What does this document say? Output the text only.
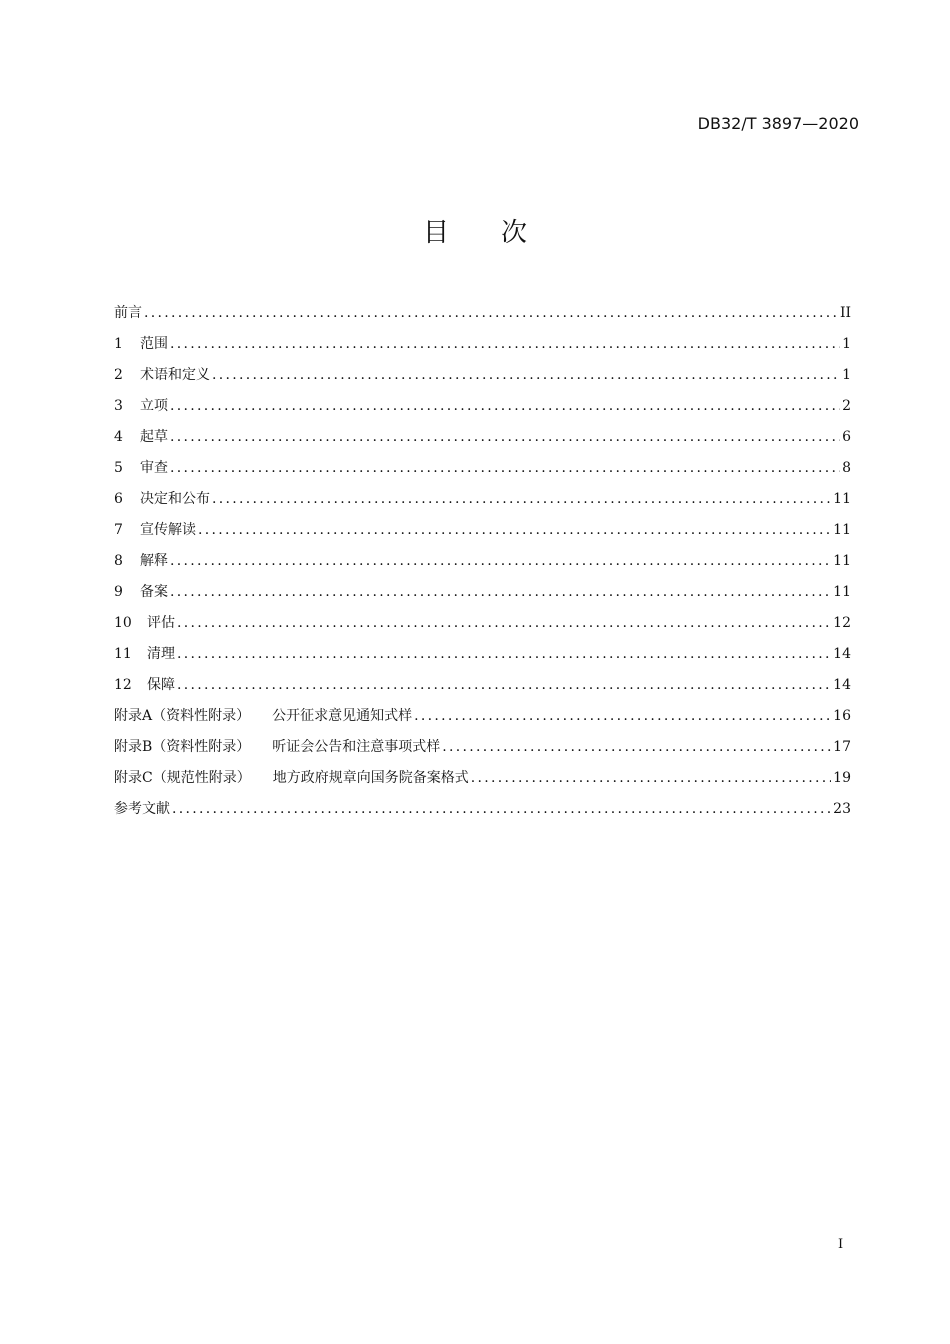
DB32/T 3897—2020
目次
前言 .....	II
1	范围 .....	1
2	术语和定义 .....	1
3	立项 .....	2
4	起草 .....	6
5	审查 .....	8
6	决定和公布 .....	11
7	宣传解读 .....	11
8	解释 .....	11
9	备案 .....	11
10	评估 .....	12
11	清理 .....	14
12	保障 .....	14
附录A（资料性附录） 公开征求意见通知式样 .....	16
附录B（资料性附录） 听证会公告和注意事项式样 .....	17
附录C（规范性附录） 地方政府规章向国务院备案格式 .....	19
参考文献 .....	23
I
